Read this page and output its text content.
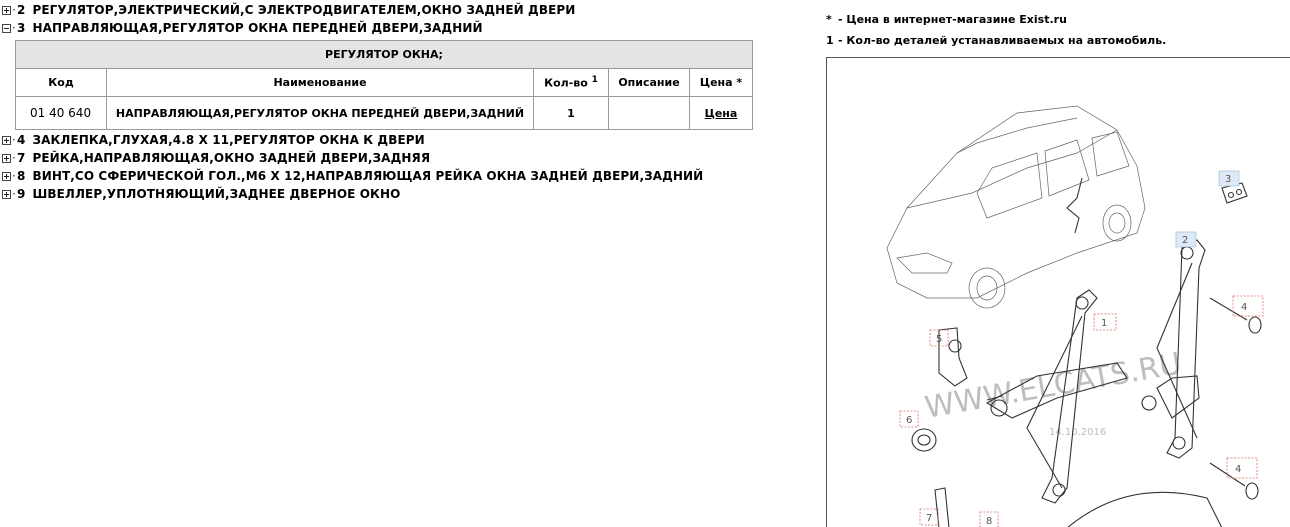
· 2 РЕГУЛЯТОР,ЭЛЕКТРИЧЕСКИЙ,С ЭЛЕКТРОДВИГАТЕЛЕМ,ОКНО ЗАДНЕЙ ДВЕРИ
· 3 НАПРАВЛЯЮЩАЯ,РЕГУЛЯТОР ОКНА ПЕРЕДНЕЙ ДВЕРИ,ЗАДНИЙ
РЕГУЛЯТОР ОКНА;				
Код	Наименование	Кол-во $^1$	Описание	Цена *
01 40 640	НАПРАВЛЯЮЩАЯ,РЕГУЛЯТОР ОКНА ПЕРЕДНЕЙ ДВЕРИ,ЗАДНИЙ	1		Цена
· 4 ЗАКЛЕПКА,ГЛУХАЯ,4.8 X 11,РЕГУЛЯТОР ОКНА К ДВЕРИ
· 7 РЕЙКА,НАПРАВЛЯЮЩАЯ,ОКНО ЗАДНЕЙ ДВЕРИ,ЗАДНЯЯ
· 8 ВИНТ,СО СФЕРИЧЕСКОЙ ГОЛ.,М6 X 12,НАПРАВЛЯЮЩАЯ РЕЙКА ОКНА ЗАДНЕЙ ДВЕРИ,ЗАДНИЙ
· 9 ШВЕЛЛЕР,УПЛОТНЯЮЩИЙ,ЗАДНЕЕ ДВЕРНОЕ ОКНО
* - Цена в интернет-магазине Exist.ru
1 - Кол-во деталей устанавливаемых на автомобиль.
WWW.ELCATS.RU
14.10.2016
1
2
3
4
4
5
6
7	8
